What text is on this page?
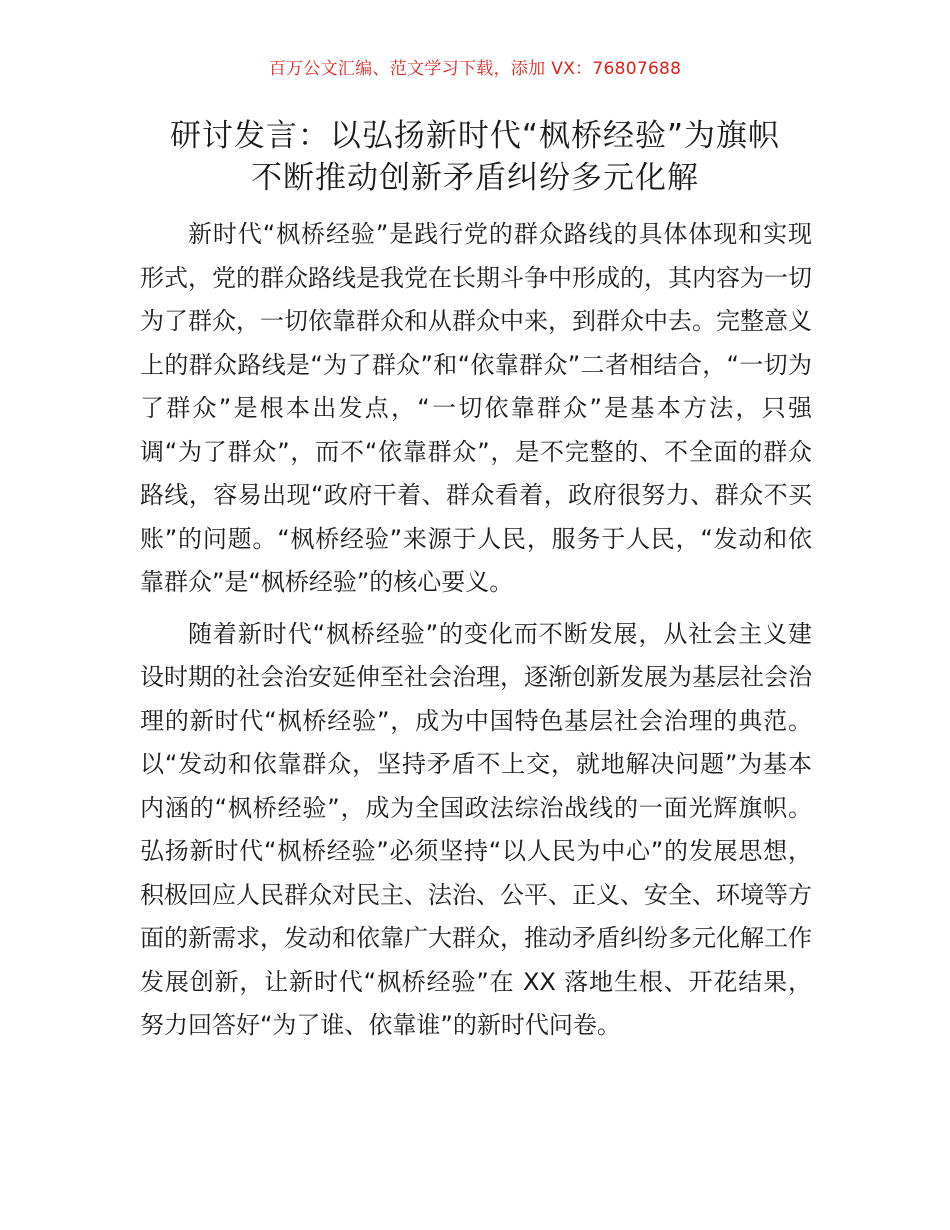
百万公文汇编、范文学习下载，添加 VX：76807688
研讨发言：以弘扬新时代“枫桥经验”为旗帜
不断推动创新矛盾纠纷多元化解

新时代“枫桥经验”是践行党的群众路线的具体体现和实现形式，党的群众路线是我党在长期斗争中形成的，其内容为一切为了群众，一切依靠群众和从群众中来，到群众中去。完整意义上的群众路线是“为了群众”和“依靠群众”二者相结合，“一切为了群众”是根本出发点，“一切依靠群众”是基本方法，只强调“为了群众”，而不“依靠群众”，是不完整的、不全面的群众路线，容易出现“政府干着、群众看着，政府很努力、群众不买账”的问题。“枫桥经验”来源于人民，服务于人民，“发动和依靠群众”是“枫桥经验”的核心要义。

随着新时代“枫桥经验”的变化而不断发展，从社会主义建设时期的社会治安延伸至社会治理，逐渐创新发展为基层社会治理的新时代“枫桥经验”，成为中国特色基层社会治理的典范。以“发动和依靠群众，坚持矛盾不上交，就地解决问题”为基本内涵的“枫桥经验”，成为全国政法综治战线的一面光辉旗帜。弘扬新时代“枫桥经验”必须坚持“以人民为中心”的发展思想，积极回应人民群众对民主、法治、公平、正义、安全、环境等方面的新需求，发动和依靠广大群众，推动矛盾纠纷多元化解工作发展创新，让新时代“枫桥经验”在 XX 落地生根、开花结果，努力回答好“为了谁、依靠谁”的新时代问卷。
